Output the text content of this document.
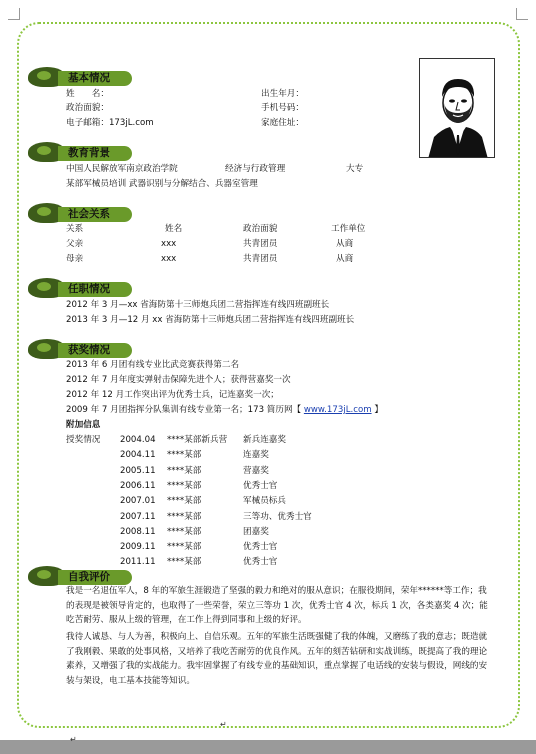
基本情况
姓　　名：	出生年月：
政治面貌：	手机号码：
电子邮箱：173jL.com	家庭住址：
教育背景
中国人民解放军南京政治学院	经济与行政管理	大专
某部军械员培训 武器识别与分解结合、兵器室管理
社会关系
关系	姓名	政治面貌	工作单位
父亲	xxx	共青团员	从商
母亲	xxx	共青团员	从商
任职情况
2012 年 3 月—xx 省海防第十三师炮兵团二营指挥连有线四班副班长
2013 年 3 月—12 月 xx 省海防第十三师炮兵团二营指挥连有线四班副班长
获奖情况
2013 年 6 月团有线专业比武竞赛获得第二名
2012 年 7 月年度实弹射击保障先进个人；获得营嘉奖一次
2012 年 12 月工作突出评为优秀士兵，记连嘉奖一次；
2009 年 7 月团指挥分队集训有线专业第一名；173 简历网【 www.173jL.com 】
附加信息
授奖情况 2004.04 ****某部新兵营 新兵连嘉奖
2004.11 ****某部	连嘉奖
2005.11 ****某部	营嘉奖
2006.11 ****某部	优秀士官
2007.01 ****某部	军械员标兵
2007.11 ****某部	三等功、优秀士官
2008.11 ****某部	团嘉奖
2009.11 ****某部	优秀士官
2011.11 ****某部	优秀士官
自我评价
我是一名退伍军人，8 年的军旅生涯锻造了坚强的毅力和绝对的服从意识；在服役期间，荣年******等工作；我的表现是被领导肯定的，也取得了一些荣誉，荣立三等功 1 次，优秀士官 4 次，标兵 1 次，各类嘉奖 4 次；能吃苦耐劳、服从上级的管理，在工作上得到同事和上级的好评。
我待人诚恳、与人为善，积极向上、自信乐观。五年的军旅生活既强健了我的体魄，又磨练了我的意志；既造就了我刚毅、果敢的处事风格，又培养了我吃苦耐劳的优良作风。五年的刻苦钻研和实战训练，既提高了我的理论素养，又增强了我的实战能力。我牢固掌握了有线专业的基础知识，重点掌握了电话线的安装与假设，网线的安装与架设，电工基本技能等知识。
↵
↵
